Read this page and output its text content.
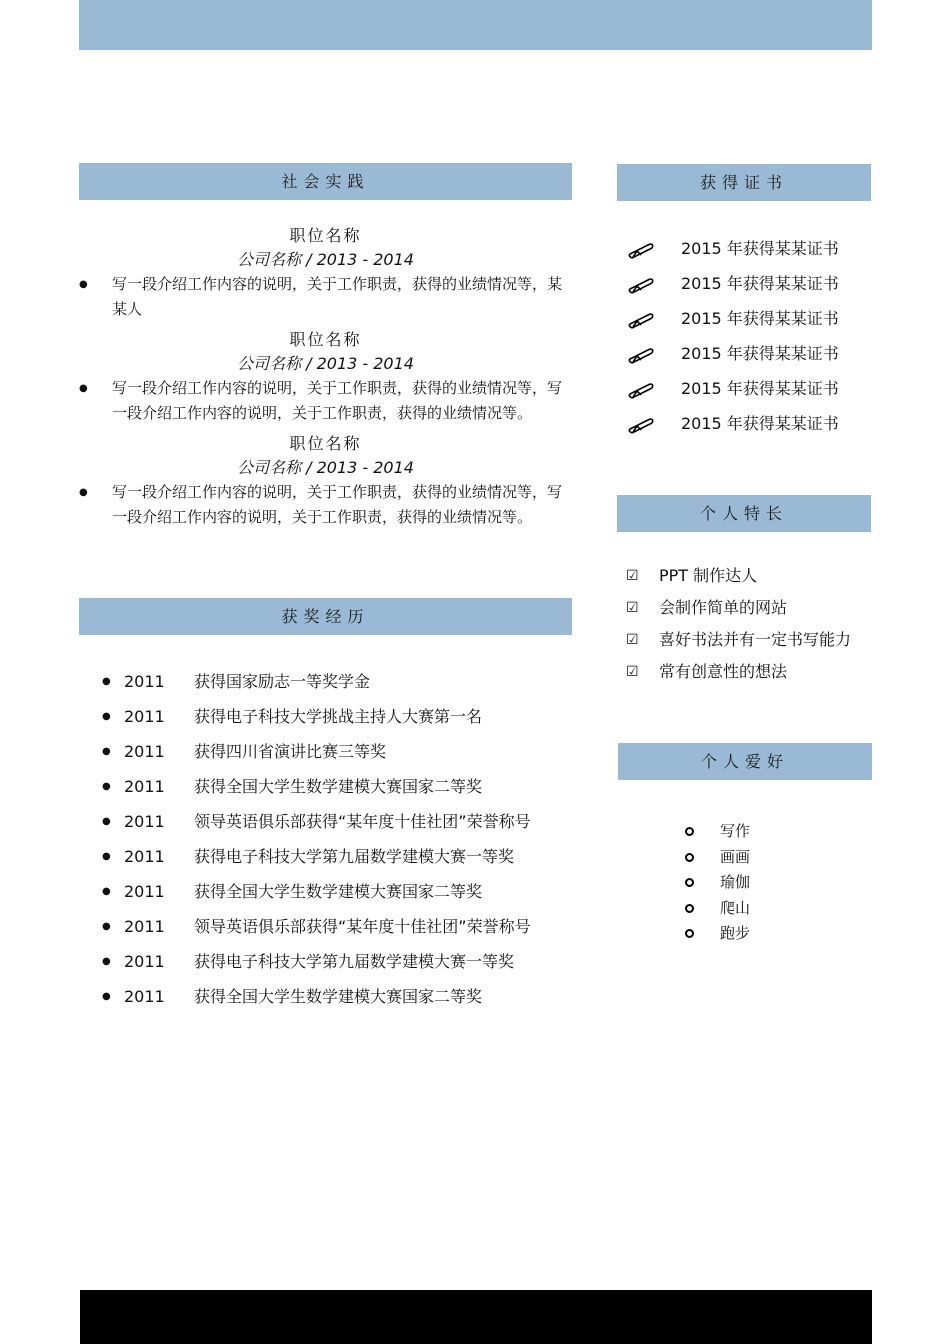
社会实践
职位名称
公司名称 / 2013 - 2014
● 写一段介绍工作内容的说明，关于工作职责，获得的业绩情况等，某某人
职位名称
公司名称 / 2013 - 2014
● 写一段介绍工作内容的说明，关于工作职责，获得的业绩情况等，写一段介绍工作内容的说明，关于工作职责，获得的业绩情况等。
职位名称
公司名称 / 2013 - 2014
● 写一段介绍工作内容的说明，关于工作职责，获得的业绩情况等，写一段介绍工作内容的说明，关于工作职责，获得的业绩情况等。
获奖经历
● 2011	获得国家励志一等奖学金
● 2011	获得电子科技大学挑战主持人大赛第一名
● 2011	获得四川省演讲比赛三等奖
● 2011	获得全国大学生数学建模大赛国家二等奖
● 2011	领导英语俱乐部获得“某年度十佳社团”荣誉称号
● 2011	获得电子科技大学第九届数学建模大赛一等奖
● 2011	获得全国大学生数学建模大赛国家二等奖
● 2011	领导英语俱乐部获得“某年度十佳社团”荣誉称号
● 2011	获得电子科技大学第九届数学建模大赛一等奖
● 2011	获得全国大学生数学建模大赛国家二等奖
获得证书
2015 年获得某某证书
2015 年获得某某证书
2015 年获得某某证书
2015 年获得某某证书
2015 年获得某某证书
2015 年获得某某证书
个人特长
☑	PPT 制作达人
☑	会制作简单的网站
☑	喜好书法并有一定书写能力
☑	常有创意性的想法
个人爱好
写作
画画
瑜伽
爬山
跑步
